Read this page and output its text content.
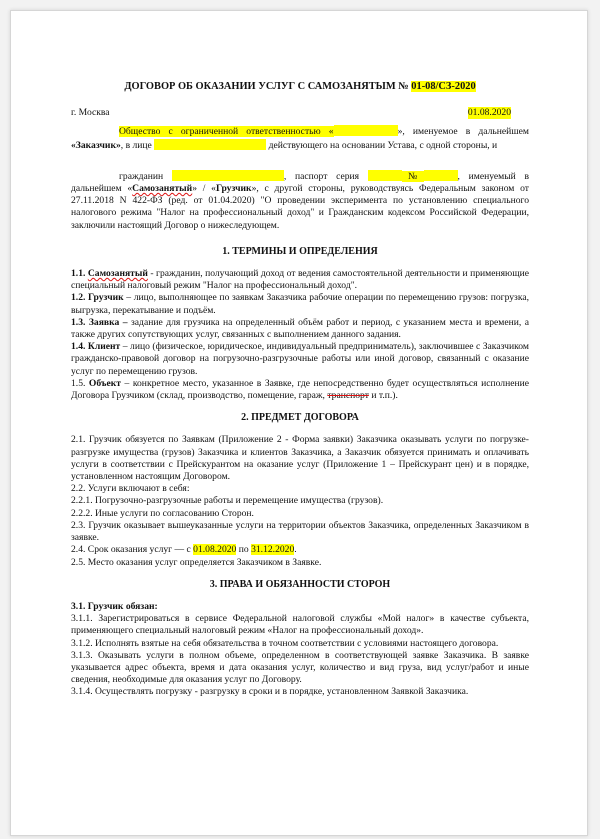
ДОГОВОР ОБ ОКАЗАНИИ УСЛУГ С САМОЗАНЯТЫМ № 01-08/СЗ-2020
г. Москва	01.08.2020

Общество с ограниченной ответственностью «	», именуемое в дальнейшем «Заказчик», в лице	действующего на основании Устава, с одной стороны, и

гражданин	, паспорт серия	№	, именуемый в дальнейшем «Самозанятый» / «Грузчик», с другой стороны, руководствуясь Федеральным законом от 27.11.2018 N 422-ФЗ (ред. от 01.04.2020) "О проведении эксперимента по установлению специального налогового режима "Налог на профессиональный доход" и Гражданским кодексом Российской Федерации, заключили настоящий Договор о нижеследующем.

1. ТЕРМИНЫ И ОПРЕДЕЛЕНИЯ

1.1. Самозанятый - гражданин, получающий доход от ведения самостоятельной деятельности и применяющие специальный налоговый режим "Налог на профессиональный доход".

1.2. Грузчик – лицо, выполняющее по заявкам Заказчика рабочие операции по перемещению грузов: погрузка, выгрузка, перекатывание и подъём.

1.3. Заявка – задание для грузчика на определенный объём работ и период, с указанием места и времени, а также других сопутствующих услуг, связанных с выполнением данного задания.

1.4. Клиент – лицо (физическое, юридическое, индивидуальный предприниматель), заключившее с Заказчиком гражданско-правовой договор на погрузочно-разгрузочные работы или иной договор, связанный с оказание услуг по перемещению грузов.

1.5. Объект – конкретное место, указанное в Заявке, где непосредственно будет осуществляться исполнение Договора Грузчиком (склад, производство, помещение, гараж, транспорт и т.п.).

2. ПРЕДМЕТ ДОГОВОРА

2.1. Грузчик обязуется по Заявкам (Приложение 2 - Форма заявки) Заказчика оказывать услуги по погрузке-разгрузке имущества (грузов) Заказчика и клиентов Заказчика, а Заказчик обязуется принимать и оплачивать услуги в соответствии с Прейскурантом на оказание услуг (Приложение 1 – Прейскурант цен) и в порядке, установленном настоящим Договором.

2.2. Услуги включают в себя:

2.2.1. Погрузочно-разгрузочные работы и перемещение имущества (грузов).

2.2.2. Иные услуги по согласованию Сторон.

2.3. Грузчик оказывает вышеуказанные услуги на территории объектов Заказчика, определенных Заказчиком в заявке.

2.4. Срок оказания услуг — с 01.08.2020 по 31.12.2020.

2.5. Место оказания услуг определяется Заказчиком в Заявке.

3. ПРАВА И ОБЯЗАННОСТИ СТОРОН

3.1. Грузчик обязан:

3.1.1. Зарегистрироваться в сервисе Федеральной налоговой службы «Мой налог» в качестве субъекта, применяющего специальный налоговый режим «Налог на профессиональный доход».

3.1.2. Исполнять взятые на себя обязательства в точном соответствии с условиями настоящего договора.

3.1.3. Оказывать услуги в полном объеме, определенном в соответствующей заявке Заказчика. В заявке указывается адрес объекта, время и дата оказания услуг, количество и вид груза, вид услуг/работ и иные сведения, необходимые для оказания услуг по Договору.

3.1.4. Осуществлять погрузку - разгрузку в сроки и в порядке, установленном Заявкой Заказчика.
